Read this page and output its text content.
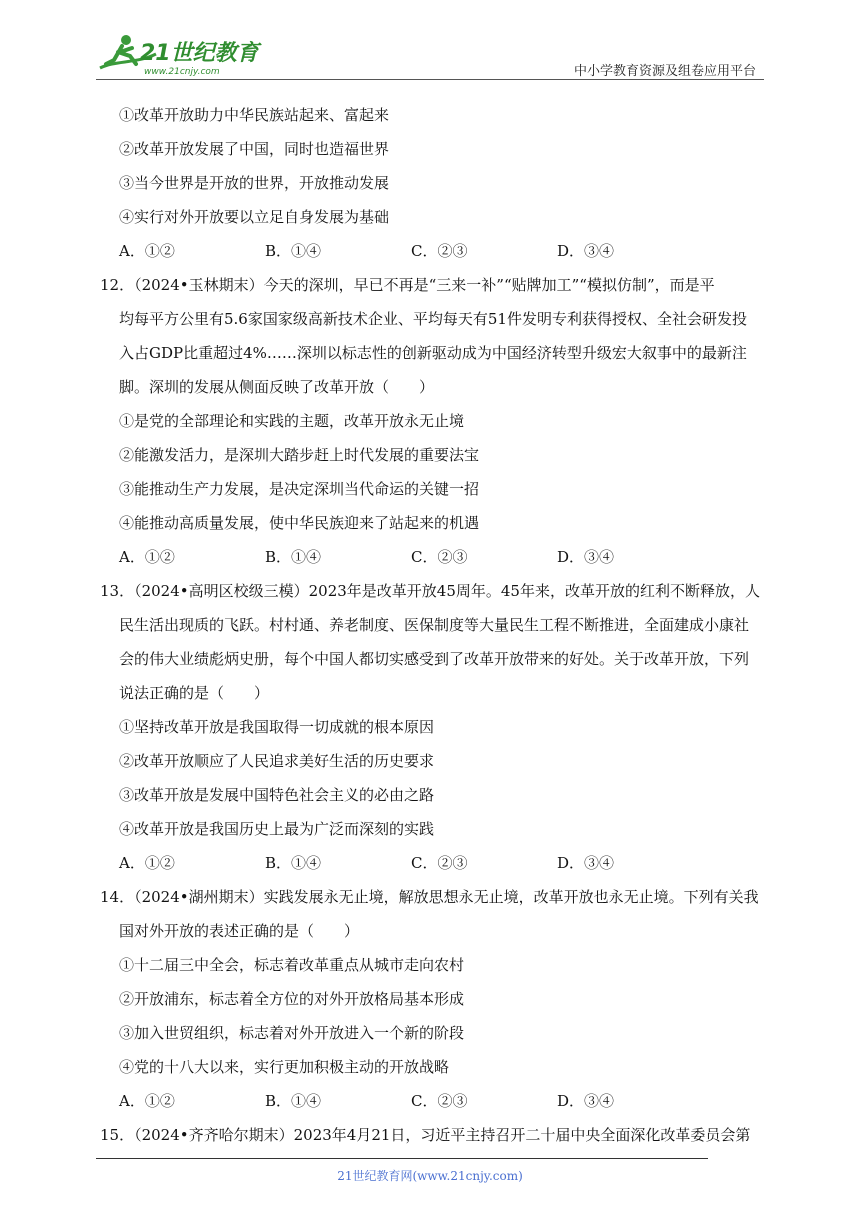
21世纪教育
www.21cnjy.com	中小学教育资源及组卷应用平台
①改革开放助力中华民族站起来、富起来
②改革开放发展了中国，同时也造福世界
③当今世界是开放的世界，开放推动发展
④实行对外开放要以立足自身发展为基础
A．①②	B．①④	C．②③	D．③④
12．（2024•玉林期末）今天的深圳，早已不再是“三来一补”“贴牌加工”“模拟仿制”，而是平
均每平方公里有5.6家国家级高新技术企业、平均每天有51件发明专利获得授权、全社会研发投
入占GDP比重超过4%……深圳以标志性的创新驱动成为中国经济转型升级宏大叙事中的最新注
脚。深圳的发展从侧面反映了改革开放（　　）
①是党的全部理论和实践的主题，改革开放永无止境
②能激发活力，是深圳大踏步赶上时代发展的重要法宝
③能推动生产力发展，是决定深圳当代命运的关键一招
④能推动高质量发展，使中华民族迎来了站起来的机遇
A．①②	B．①④	C．②③	D．③④
13．（2024•高明区校级三模）2023年是改革开放45周年。45年来，改革开放的红利不断释放，人
民生活出现质的飞跃。村村通、养老制度、医保制度等大量民生工程不断推进，全面建成小康社
会的伟大业绩彪炳史册，每个中国人都切实感受到了改革开放带来的好处。关于改革开放，下列
说法正确的是（　　）
①坚持改革开放是我国取得一切成就的根本原因
②改革开放顺应了人民追求美好生活的历史要求
③改革开放是发展中国特色社会主义的必由之路
④改革开放是我国历史上最为广泛而深刻的实践
A．①②	B．①④	C．②③	D．③④
14．（2024•湖州期末）实践发展永无止境，解放思想永无止境，改革开放也永无止境。下列有关我
国对外开放的表述正确的是（　　）
①十二届三中全会，标志着改革重点从城市走向农村
②开放浦东，标志着全方位的对外开放格局基本形成
③加入世贸组织，标志着对外开放进入一个新的阶段
④党的十八大以来，实行更加积极主动的开放战略
A．①②	B．①④	C．②③	D．③④
15．（2024•齐齐哈尔期末）2023年4月21日，习近平主持召开二十届中央全面深化改革委员会第
21世纪教育网(www.21cnjy.com)
